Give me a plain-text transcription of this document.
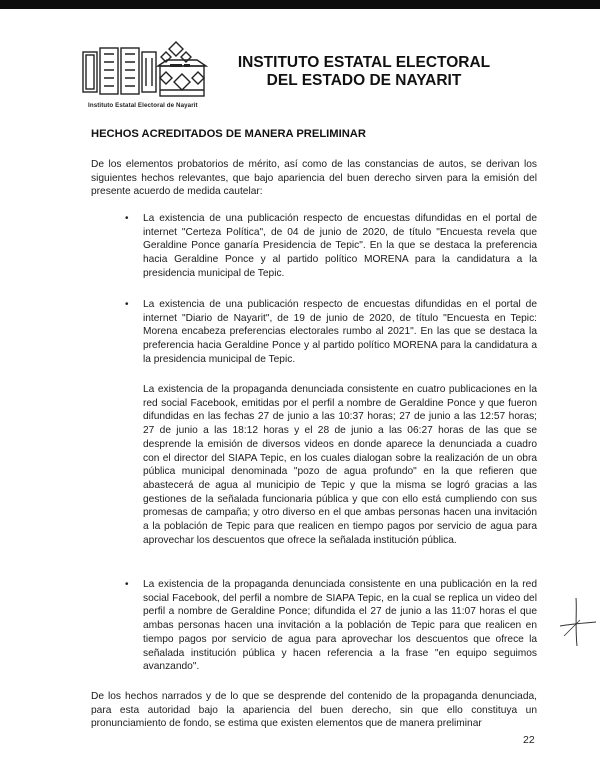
Instituto Estatal Electoral de Nayarit
INSTITUTO ESTATAL ELECTORAL
DEL ESTADO DE NAYARIT
HECHOS ACREDITADOS DE MANERA PRELIMINAR

De los elementos probatorios de mérito, así como de las constancias de autos, se derivan los siguientes hechos relevantes, que bajo apariencia del buen derecho sirven para la emisión del presente acuerdo de medida cautelar:

• La existencia de una publicación respecto de encuestas difundidas en el portal de internet "Certeza Política", de 04 de junio de 2020, de título "Encuesta revela que Geraldine Ponce ganaría Presidencia de Tepic". En la que se destaca la preferencia hacia Geraldine Ponce y al partido político MORENA para la candidatura a la presidencia municipal de Tepic.

• La existencia de una publicación respecto de encuestas difundidas en el portal de internet "Diario de Nayarit", de 19 de junio de 2020, de título "Encuesta en Tepic: Morena encabeza preferencias electorales rumbo al 2021". En las que se destaca la preferencia hacia Geraldine Ponce y al partido político MORENA para la candidatura a la presidencia municipal de Tepic.

La existencia de la propaganda denunciada consistente en cuatro publicaciones en la red social Facebook, emitidas por el perfil a nombre de Geraldine Ponce y que fueron difundidas en las fechas 27 de junio a las 10:37 horas; 27 de junio a las 12:57 horas; 27 de junio a las 18:12 horas y el 28 de junio a las 06:27 horas de las que se desprende la emisión de diversos videos en donde aparece la denunciada a cuadro con el director del SIAPA Tepic, en los cuales dialogan sobre la realización de un obra pública municipal denominada "pozo de agua profundo" en la que refieren que abastecerá de agua al municipio de Tepic y que la misma se logró gracias a las gestiones de la señalada funcionaria pública y que con ello está cumpliendo con sus promesas de campaña; y otro diverso en el que ambas personas hacen una invitación a la población de Tepic para que realicen en tiempo pagos por servicio de agua para aprovechar los descuentos que ofrece la señalada institución pública.

• La existencia de la propaganda denunciada consistente en una publicación en la red social Facebook, del perfil a nombre de SIAPA Tepic, en la cual se replica un video del perfil a nombre de Geraldine Ponce; difundida el 27 de junio a las 11:07 horas el que ambas personas hacen una invitación a la población de Tepic para que realicen en tiempo pagos por servicio de agua para aprovechar los descuentos que ofrece la señalada institución pública y hacen referencia a la frase "en equipo seguimos avanzando".

De los hechos narrados y de lo que se desprende del contenido de la propaganda denunciada, para esta autoridad bajo la apariencia del buen derecho, sin que ello constituya un pronunciamiento de fondo, se estima que existen elementos que de manera preliminar

22
